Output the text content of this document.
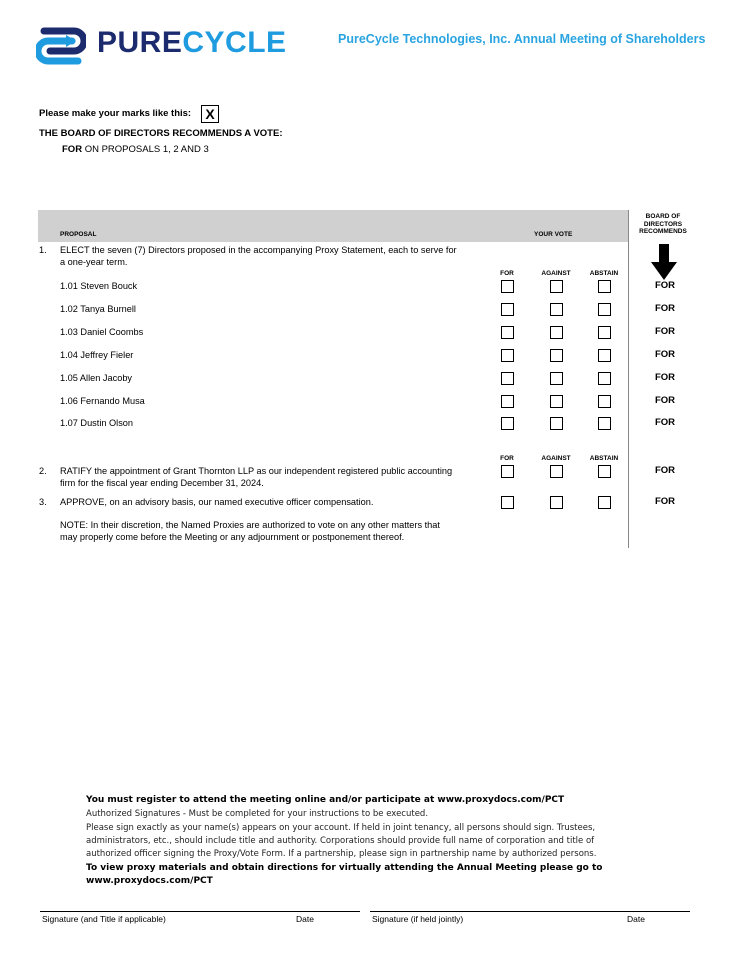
PURECYCLE	PureCycle Technologies, Inc. Annual Meeting of Shareholders
Please make your marks like this:	X
THE BOARD OF DIRECTORS RECOMMENDS A VOTE:
FOR ON PROPOSALS 1, 2 AND 3
PROPOSAL	YOUR VOTE
BOARD OF
DIRECTORS
RECOMMENDS
1. ELECT the seven (7) Directors proposed in the accompanying Proxy Statement, each to serve for
a one-year term.
FOR	AGAINST	ABSTAIN
1.01 Steven Bouck	FOR
1.02 Tanya Burnell	FOR
1.03 Daniel Coombs	FOR
1.04 Jeffrey Fieler	FOR
1.05 Allen Jacoby	FOR
1.06 Fernando Musa	FOR
1.07 Dustin Olson	FOR
FOR	AGAINST	ABSTAIN
2. RATIFY the appointment of Grant Thornton LLP as our independent registered public accounting
firm for the fiscal year ending December 31, 2024.
FOR
3. APPROVE, on an advisory basis, our named executive officer compensation.	FOR
NOTE: In their discretion, the Named Proxies are authorized to vote on any other matters that
may properly come before the Meeting or any adjournment or postponement thereof.
You must register to attend the meeting online and/or participate at www.proxydocs.com/PCT
Authorized Signatures - Must be completed for your instructions to be executed.
Please sign exactly as your name(s) appears on your account. If held in joint tenancy, all persons should sign. Trustees,
administrators, etc., should include title and authority. Corporations should provide full name of corporation and title of
authorized officer signing the Proxy/Vote Form. If a partnership, please sign in partnership name by authorized persons.
To view proxy materials and obtain directions for virtually attending the Annual Meeting please go to
www.proxydocs.com/PCT
Signature (and Title if applicable)	Date	Signature (if held jointly)	Date
